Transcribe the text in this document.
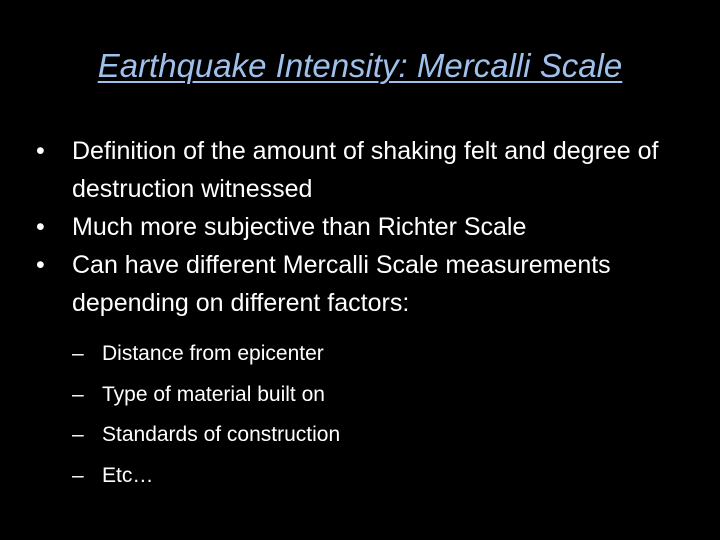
Earthquake Intensity: Mercalli Scale
•	Definition of the amount of shaking felt and degree of destruction witnessed
•	Much more subjective than Richter Scale
•	Can have different Mercalli Scale measurements depending on different factors:
– Distance from epicenter
– Type of material built on
– Standards of construction
– Etc…
